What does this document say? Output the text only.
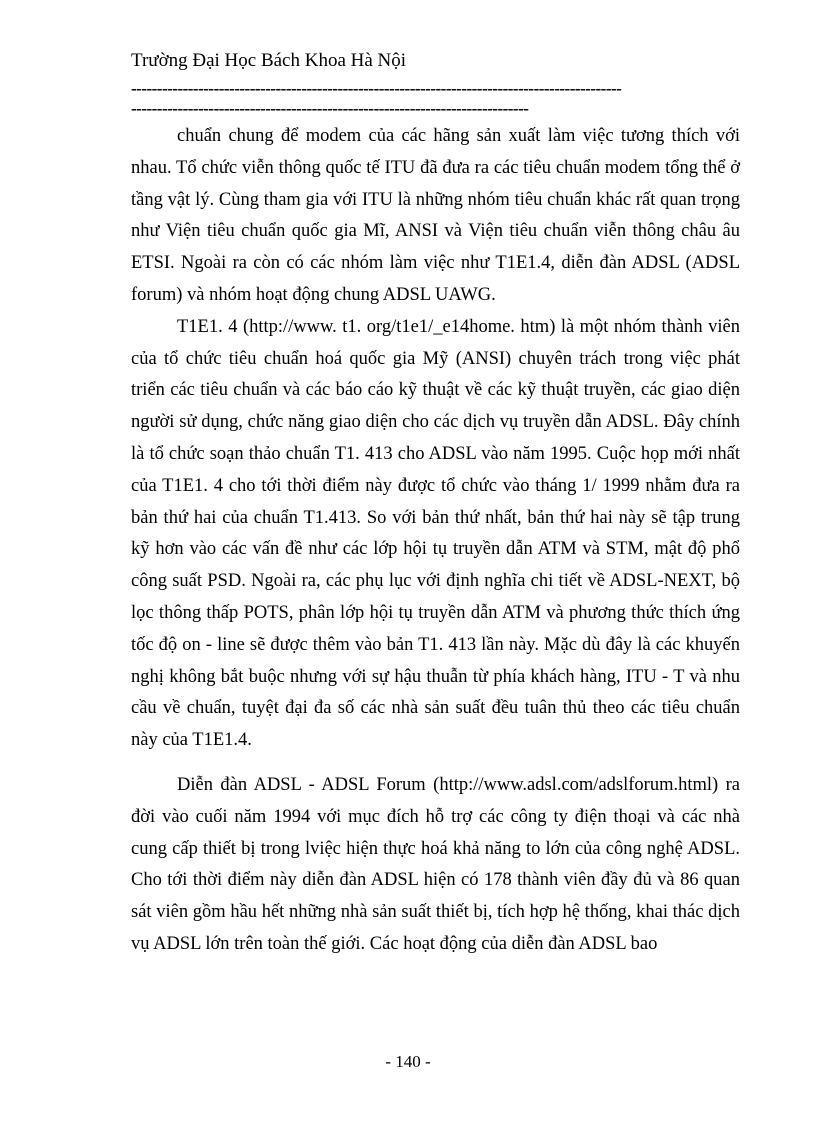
Trường Đại Học Bách Khoa Hà Nội
-----------------------------------------------------------------------------------------------
-----------------------------------------------------------------------------

chuẩn chung để modem của các hãng sản xuất làm việc tương thích với nhau. Tổ chức viễn thông quốc tế ITU đã đưa ra các tiêu chuẩn modem tổng thể ở tầng vật lý. Cùng tham gia với ITU là những nhóm tiêu chuẩn khác rất quan trọng như Viện tiêu chuẩn quốc gia Mĩ, ANSI và Viện tiêu chuẩn viễn thông châu âu ETSI. Ngoài ra còn có các nhóm làm việc như T1E1.4, diễn đàn ADSL (ADSL forum) và nhóm hoạt động chung ADSL UAWG.

T1E1. 4 (http://www. t1. org/t1e1/_e14home. htm) là một nhóm thành viên của tổ chức tiêu chuẩn hoá quốc gia Mỹ (ANSI) chuyên trách trong việc phát triển các tiêu chuẩn và các báo cáo kỹ thuật về các kỹ thuật truyền, các giao diện người sử dụng, chức năng giao diện cho các dịch vụ truyền dẫn ADSL. Đây chính là tổ chức soạn thảo chuẩn T1. 413 cho ADSL vào năm 1995. Cuộc họp mới nhất của T1E1. 4 cho tới thời điểm này được tổ chức vào tháng 1/ 1999 nhằm đưa ra bản thứ hai của chuẩn T1.413. So với bản thứ nhất, bản thứ hai này sẽ tập trung kỹ hơn vào các vấn đề như các lớp hội tụ truyền dẫn ATM và STM, mật độ phổ công suất PSD. Ngoài ra, các phụ lục với định nghĩa chi tiết về ADSL-NEXT, bộ lọc thông thấp POTS, phân lớp hội tụ truyền dẫn ATM và phương thức thích ứng tốc độ on - line sẽ được thêm vào bản T1. 413 lần này. Mặc dù đây là các khuyến nghị không bắt buộc nhưng với sự hậu thuẫn từ phía khách hàng, ITU - T và nhu cầu về chuẩn, tuyệt đại đa số các nhà sản suất đều tuân thủ theo các tiêu chuẩn này của T1E1.4.

Diễn đàn ADSL - ADSL Forum (http://www.adsl.com/adslforum.html) ra đời vào cuối năm 1994 với mục đích hỗ trợ các công ty điện thoại và các nhà cung cấp thiết bị trong lviệc hiện thực hoá khả năng to lớn của công nghệ ADSL. Cho tới thời điểm này diễn đàn ADSL hiện có 178 thành viên đầy đủ và 86 quan sát viên gồm hầu hết những nhà sản suất thiết bị, tích hợp hệ thống, khai thác dịch vụ ADSL lớn trên toàn thế giới. Các hoạt động của diễn đàn ADSL bao

- 140 -
